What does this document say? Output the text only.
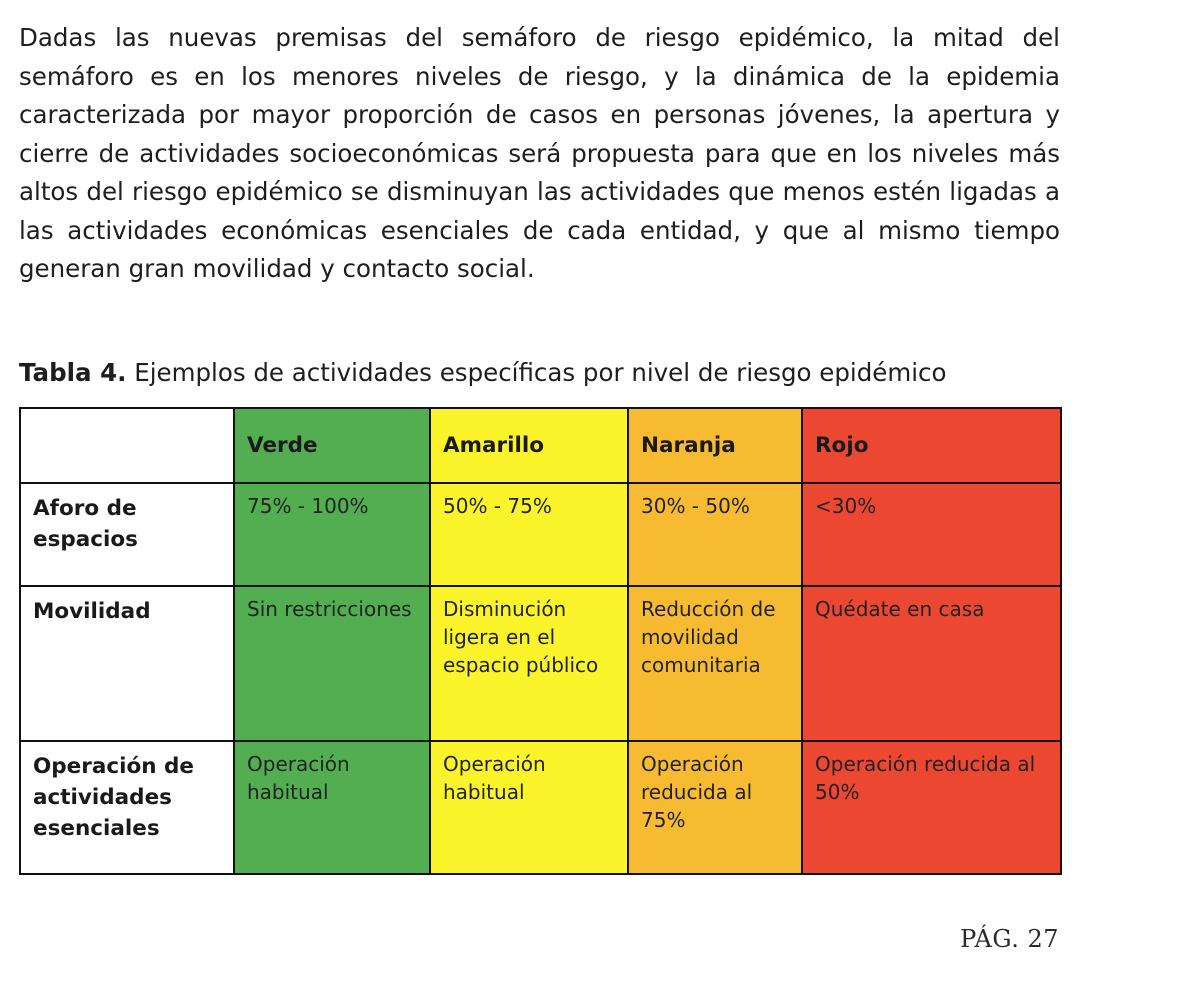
Dadas las nuevas premisas del semáforo de riesgo epidémico, la mitad del semáforo es en los menores niveles de riesgo, y la dinámica de la epidemia caracterizada por mayor proporción de casos en personas jóvenes, la apertura y cierre de actividades socioeconómicas será propuesta para que en los niveles más altos del riesgo epidémico se disminuyan las actividades que menos estén ligadas a las actividades económicas esenciales de cada entidad, y que al mismo tiempo generan gran movilidad y contacto social.

Tabla 4. Ejemplos de actividades específicas por nivel de riesgo epidémico

	Verde	Amarillo	Naranja	Rojo

Aforo de espacios	75% - 100%	50% - 75%	30% - 50%	<30%

Movilidad	Sin restricciones	Disminución ligera en el espacio público	Reducción de movilidad comunitaria	Quédate en casa

Operación de actividades esenciales	Operación habitual	Operación habitual	Operación reducida al 75%	Operación reducida al 50%
PÁG. 27
